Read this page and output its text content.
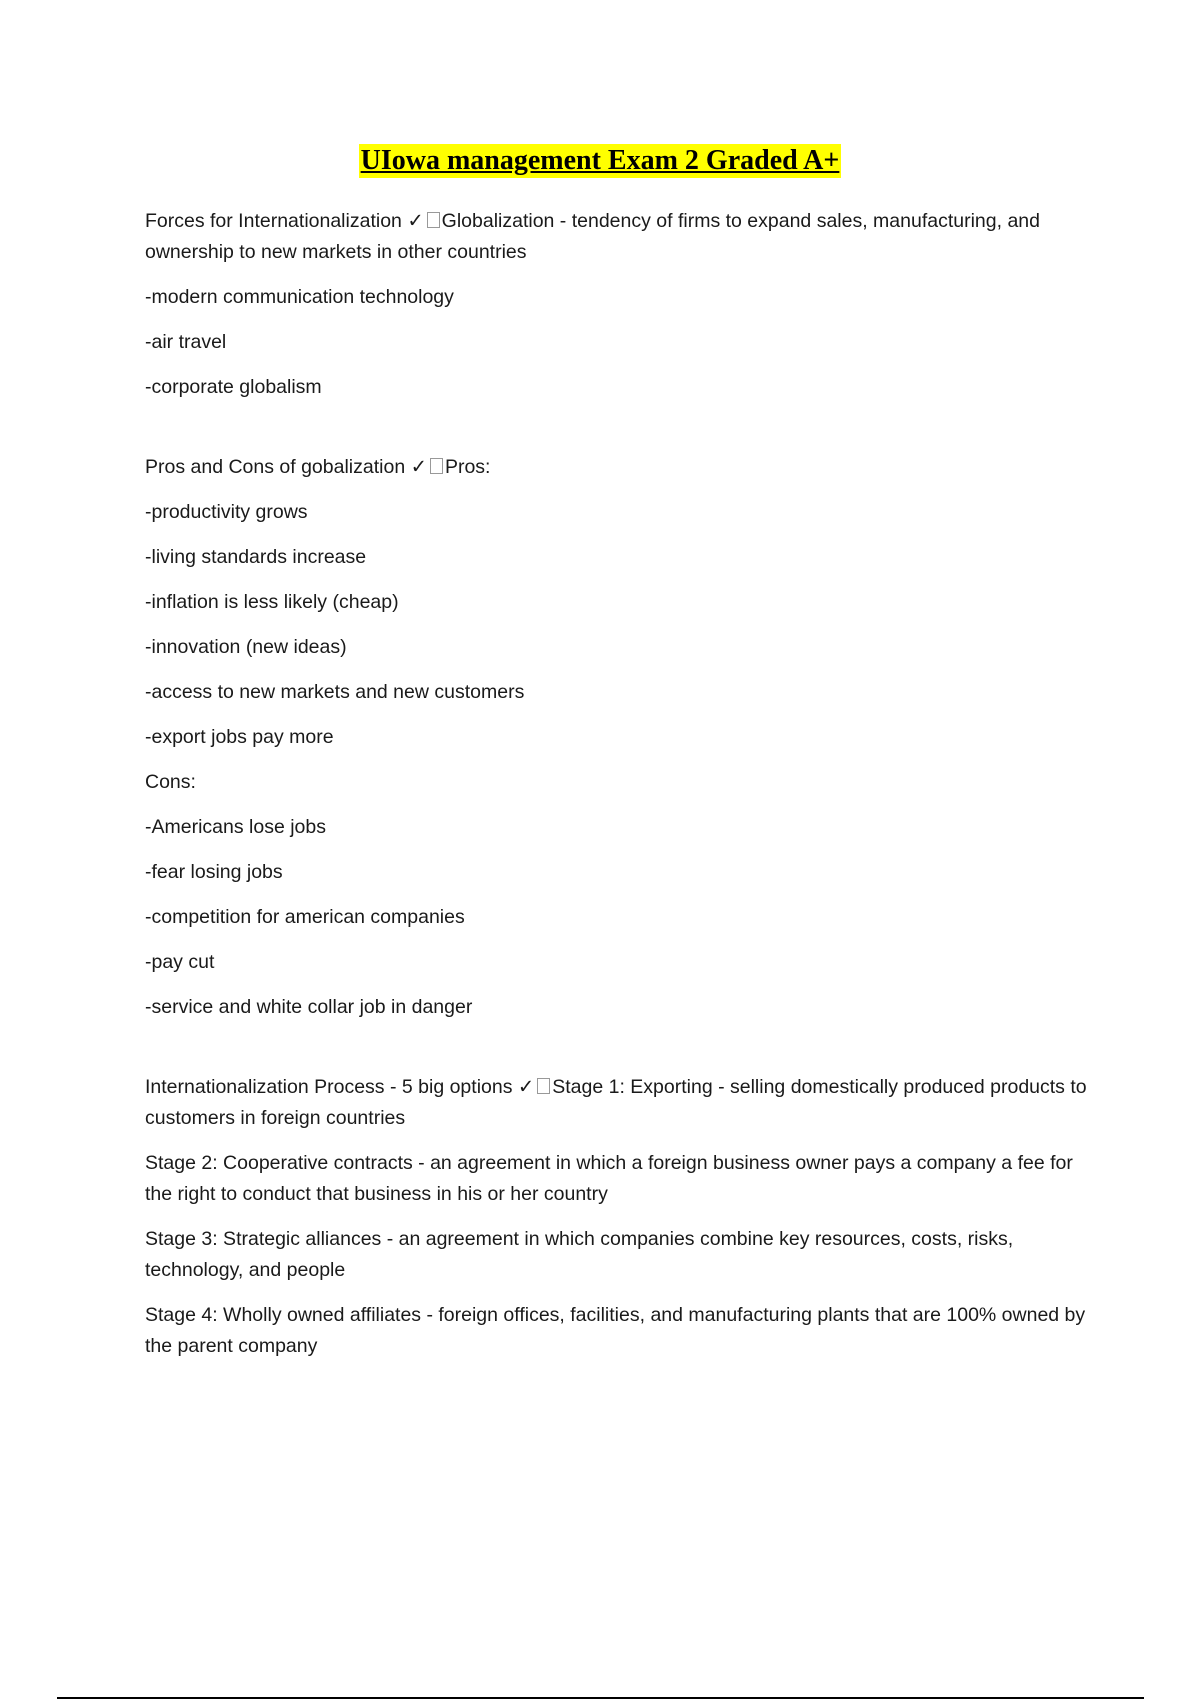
UIowa management Exam 2 Graded A+

Forces for Internationalization ✓ Globalization - tendency of firms to expand sales, manufacturing, and ownership to new markets in other countries

-modern communication technology

-air travel

-corporate globalism

Pros and Cons of gobalization ✓ Pros:

-productivity grows

-living standards increase

-inflation is less likely (cheap)

-innovation (new ideas)

-access to new markets and new customers

-export jobs pay more

Cons:

-Americans lose jobs

-fear losing jobs

-competition for american companies

-pay cut

-service and white collar job in danger

Internationalization Process - 5 big options ✓ Stage 1: Exporting - selling domestically produced products to customers in foreign countries

Stage 2: Cooperative contracts - an agreement in which a foreign business owner pays a company a fee for the right to conduct that business in his or her country

Stage 3: Strategic alliances - an agreement in which companies combine key resources, costs, risks, technology, and people

Stage 4: Wholly owned affiliates - foreign offices, facilities, and manufacturing plants that are 100% owned by the parent company
